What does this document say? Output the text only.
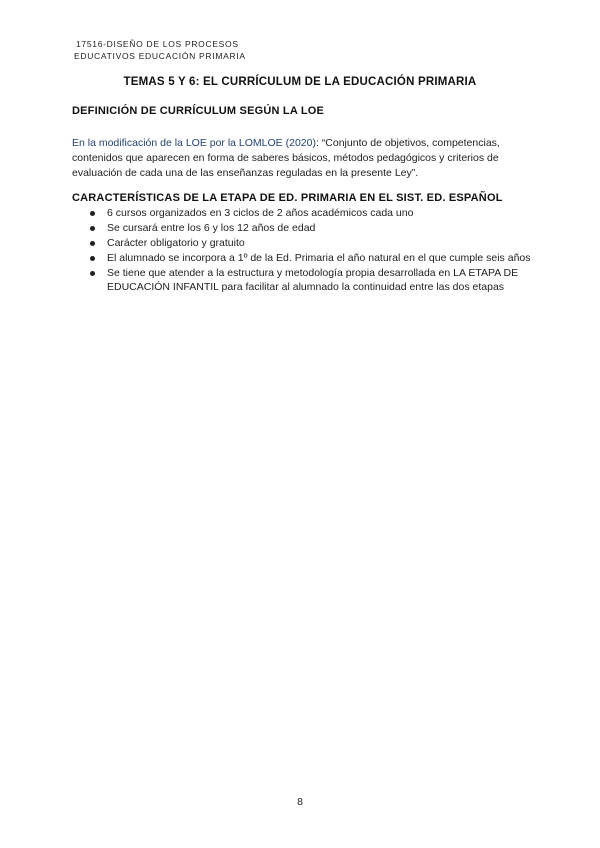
17516-DISEÑO DE LOS PROCESOS
EDUCATIVOS EDUCACIÓN PRIMARIA
TEMAS 5 Y 6: EL CURRÍCULUM DE LA EDUCACIÓN PRIMARIA
DEFINICIÓN DE CURRÍCULUM SEGÚN LA LOE
En la modificación de la LOE por la LOMLOE (2020): “Conjunto de objetivos, competencias, contenidos que aparecen en forma de saberes básicos, métodos pedagógicos y criterios de evaluación de cada una de las enseñanzas reguladas en la presente Ley”.
CARACTERÍSTICAS DE LA ETAPA DE ED. PRIMARIA EN EL SIST. ED. ESPAÑOL
6 cursos organizados en 3 ciclos de 2 años académicos cada uno
Se cursará entre los 6 y los 12 años de edad
Carácter obligatorio y gratuito
El alumnado se incorpora a 1º de la Ed. Primaria el año natural en el que cumple seis años
Se tiene que atender a la estructura y metodología propia desarrollada en LA ETAPA DE EDUCACIÓN INFANTIL para facilitar al alumnado la continuidad entre las dos etapas
8
